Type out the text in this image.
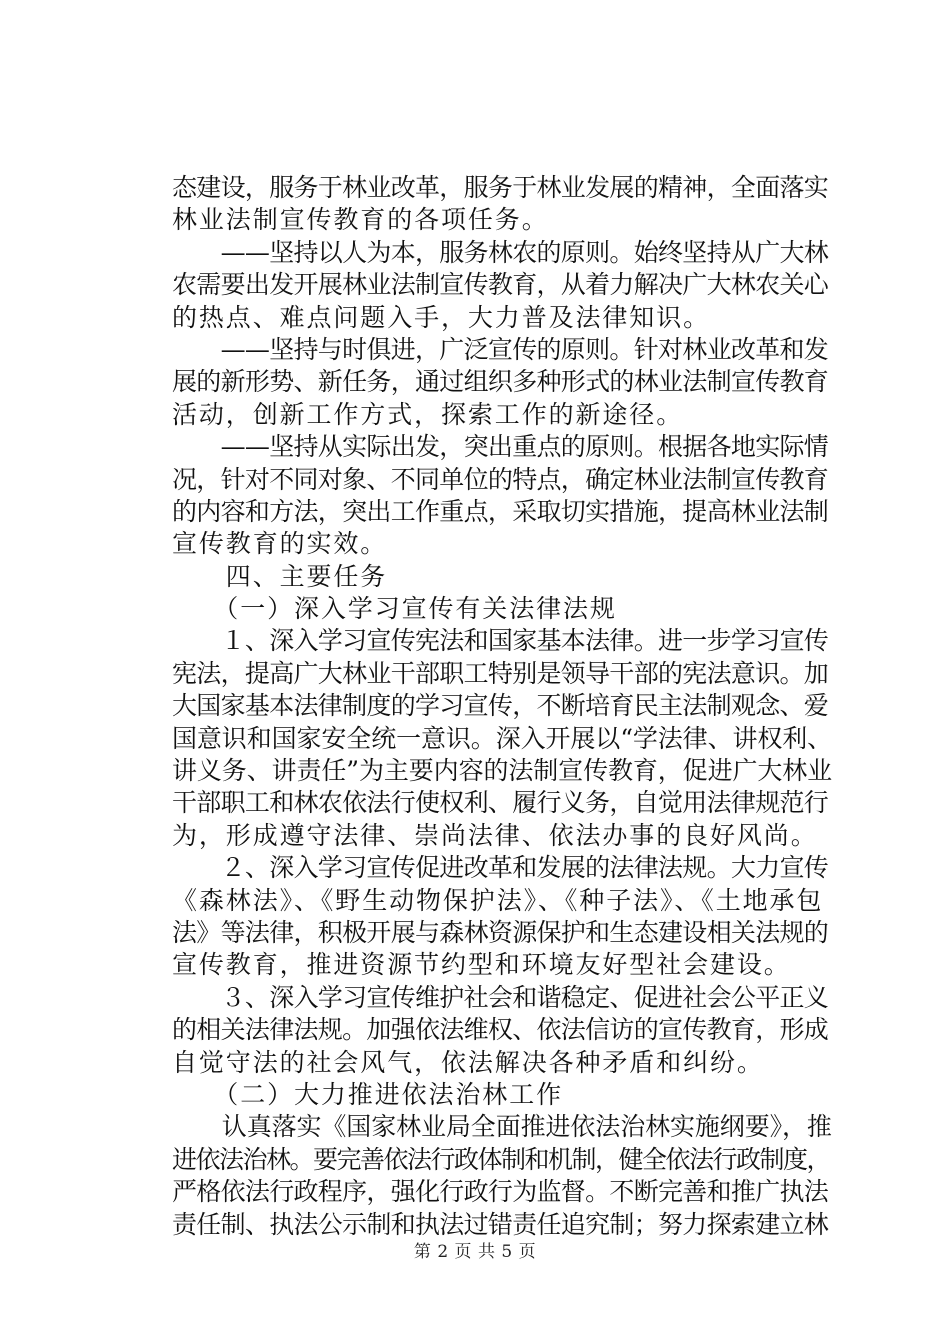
态建设，服务于林业改革，服务于林业发展的精神，全面落实
林业法制宣传教育的各项任务。
　　——坚持以人为本，服务林农的原则。始终坚持从广大林
农需要出发开展林业法制宣传教育，从着力解决广大林农关心
的热点、难点问题入手，大力普及法律知识。
　　——坚持与时俱进，广泛宣传的原则。针对林业改革和发
展的新形势、新任务，通过组织多种形式的林业法制宣传教育
活动，创新工作方式，探索工作的新途径。
　　——坚持从实际出发，突出重点的原则。根据各地实际情
况，针对不同对象、不同单位的特点，确定林业法制宣传教育
的内容和方法，突出工作重点，采取切实措施，提高林业法制
宣传教育的实效。
　　四、主要任务
　　（一）深入学习宣传有关法律法规
　　１、深入学习宣传宪法和国家基本法律。进一步学习宣传
宪法，提高广大林业干部职工特别是领导干部的宪法意识。加
大国家基本法律制度的学习宣传，不断培育民主法制观念、爱
国意识和国家安全统一意识。深入开展以“学法律、讲权利、
讲义务、讲责任”为主要内容的法制宣传教育，促进广大林业
干部职工和林农依法行使权利、履行义务，自觉用法律规范行
为，形成遵守法律、崇尚法律、依法办事的良好风尚。
　　２、深入学习宣传促进改革和发展的法律法规。大力宣传
《森林法》、《野生动物保护法》、《种子法》、《土地承包
法》等法律，积极开展与森林资源保护和生态建设相关法规的
宣传教育，推进资源节约型和环境友好型社会建设。
　　３、深入学习宣传维护社会和谐稳定、促进社会公平正义
的相关法律法规。加强依法维权、依法信访的宣传教育，形成
自觉守法的社会风气，依法解决各种矛盾和纠纷。
　　（二）大力推进依法治林工作
　　认真落实《国家林业局全面推进依法治林实施纲要》，推
进依法治林。要完善依法行政体制和机制，健全依法行政制度，
严格依法行政程序，强化行政行为监督。不断完善和推广执法
责任制、执法公示制和执法过错责任追究制；努力探索建立林
第 2 页 共 5 页
